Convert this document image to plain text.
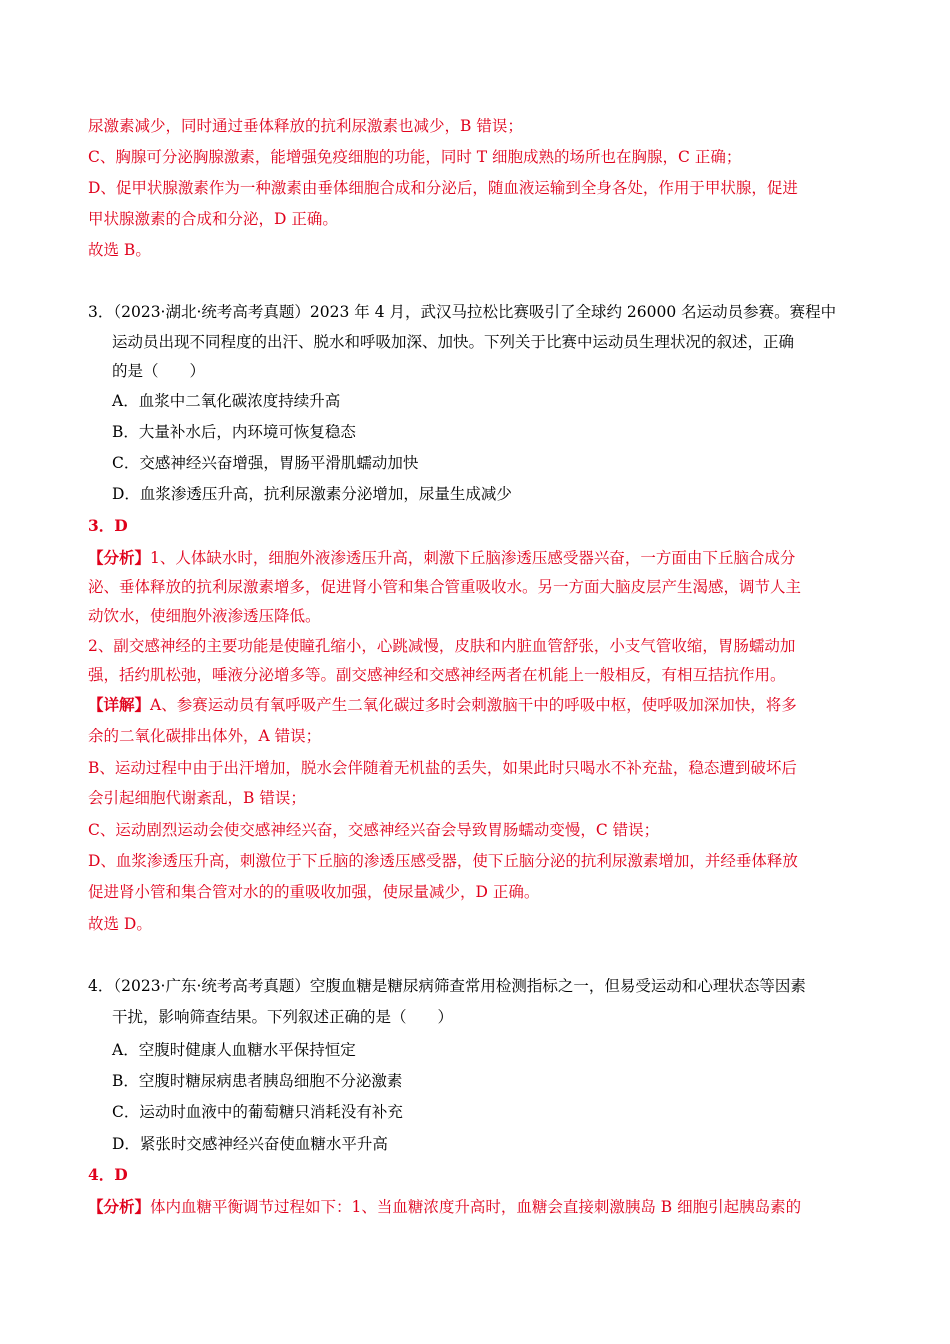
尿激素减少，同时通过垂体释放的抗利尿激素也减少，B 错误；
C、胸腺可分泌胸腺激素，能增强免疫细胞的功能，同时 T 细胞成熟的场所也在胸腺，C 正确；
D、促甲状腺激素作为一种激素由垂体细胞合成和分泌后，随血液运输到全身各处，作用于甲状腺，促进
甲状腺激素的合成和分泌，D 正确。
故选 B。
3．（2023·湖北·统考高考真题）2023 年 4 月，武汉马拉松比赛吸引了全球约 26000 名运动员参赛。赛程中
运动员出现不同程度的出汗、脱水和呼吸加深、加快。下列关于比赛中运动员生理状况的叙述，正确
的是（　　）
A．血浆中二氧化碳浓度持续升高
B．大量补水后，内环境可恢复稳态
C．交感神经兴奋增强，胃肠平滑肌蠕动加快
D．血浆渗透压升高，抗利尿激素分泌增加，尿量生成减少
3．D
【分析】1、人体缺水时，细胞外液渗透压升高，刺激下丘脑渗透压感受器兴奋，一方面由下丘脑合成分
泌、垂体释放的抗利尿激素增多，促进肾小管和集合管重吸收水。另一方面大脑皮层产生渴感，调节人主
动饮水，使细胞外液渗透压降低。
2、副交感神经的主要功能是使瞳孔缩小，心跳减慢，皮肤和内脏血管舒张，小支气管收缩，胃肠蠕动加
强，括约肌松弛，唾液分泌增多等。副交感神经和交感神经两者在机能上一般相反，有相互拮抗作用。
【详解】A、参赛运动员有氧呼吸产生二氧化碳过多时会刺激脑干中的呼吸中枢，使呼吸加深加快，将多
余的二氧化碳排出体外，A 错误；
B、运动过程中由于出汗增加，脱水会伴随着无机盐的丢失，如果此时只喝水不补充盐，稳态遭到破坏后
会引起细胞代谢紊乱，B 错误；
C、运动剧烈运动会使交感神经兴奋，交感神经兴奋会导致胃肠蠕动变慢，C 错误；
D、血浆渗透压升高，刺激位于下丘脑的渗透压感受器，使下丘脑分泌的抗利尿激素增加，并经垂体释放
促进肾小管和集合管对水的的重吸收加强，使尿量减少，D 正确。
故选 D。
4．（2023·广东·统考高考真题）空腹血糖是糖尿病筛查常用检测指标之一，但易受运动和心理状态等因素
干扰，影响筛查结果。下列叙述正确的是（　　）
A．空腹时健康人血糖水平保持恒定
B．空腹时糖尿病患者胰岛细胞不分泌激素
C．运动时血液中的葡萄糖只消耗没有补充
D．紧张时交感神经兴奋使血糖水平升高
4．D
【分析】体内血糖平衡调节过程如下：1、当血糖浓度升高时，血糖会直接刺激胰岛 B 细胞引起胰岛素的
